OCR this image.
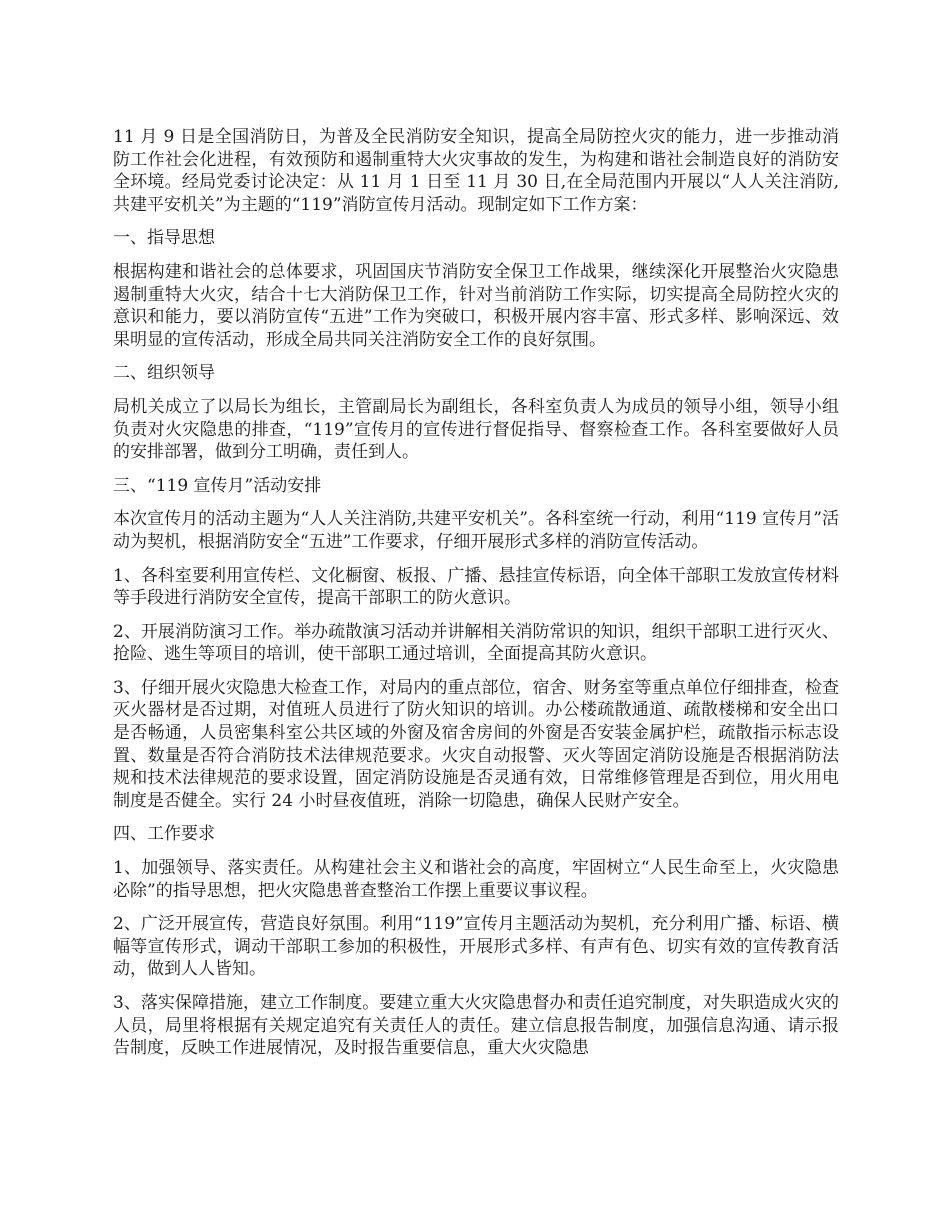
11 月 9 日是全国消防日，为普及全民消防安全知识，提高全局防控火灾的能力，进一步推动消防工作社会化进程，有效预防和遏制重特大火灾事故的发生，为构建和谐社会制造良好的消防安全环境。经局党委讨论决定：从 11 月 1 日至 11 月 30 日,在全局范围内开展以“人人关注消防,共建平安机关”为主题的“119”消防宣传月活动。现制定如下工作方案：

一、指导思想

根据构建和谐社会的总体要求，巩固国庆节消防安全保卫工作战果，继续深化开展整治火灾隐患遏制重特大火灾，结合十七大消防保卫工作，针对当前消防工作实际，切实提高全局防控火灾的意识和能力，要以消防宣传“五进”工作为突破口，积极开展内容丰富、形式多样、影响深远、效果明显的宣传活动，形成全局共同关注消防安全工作的良好氛围。

二、组织领导

局机关成立了以局长为组长，主管副局长为副组长，各科室负责人为成员的领导小组，领导小组负责对火灾隐患的排查，“119”宣传月的宣传进行督促指导、督察检查工作。各科室要做好人员的安排部署，做到分工明确，责任到人。

三、“119 宣传月”活动安排

本次宣传月的活动主题为“人人关注消防,共建平安机关”。各科室统一行动，利用“119 宣传月”活动为契机，根据消防安全“五进”工作要求，仔细开展形式多样的消防宣传活动。

1、各科室要利用宣传栏、文化橱窗、板报、广播、悬挂宣传标语，向全体干部职工发放宣传材料等手段进行消防安全宣传，提高干部职工的防火意识。

2、开展消防演习工作。举办疏散演习活动并讲解相关消防常识的知识，组织干部职工进行灭火、抢险、逃生等项目的培训，使干部职工通过培训，全面提高其防火意识。

3、仔细开展火灾隐患大检查工作，对局内的重点部位，宿舍、财务室等重点单位仔细排查，检查灭火器材是否过期，对值班人员进行了防火知识的培训。办公楼疏散通道、疏散楼梯和安全出口是否畅通，人员密集科室公共区域的外窗及宿舍房间的外窗是否安装金属护栏，疏散指示标志设置、数量是否符合消防技术法律规范要求。火灾自动报警、灭火等固定消防设施是否根据消防法规和技术法律规范的要求设置，固定消防设施是否灵通有效，日常维修管理是否到位，用火用电制度是否健全。实行 24 小时昼夜值班，消除一切隐患，确保人民财产安全。

四、工作要求

1、加强领导、落实责任。从构建社会主义和谐社会的高度，牢固树立“人民生命至上，火灾隐患必除”的指导思想，把火灾隐患普查整治工作摆上重要议事议程。

2、广泛开展宣传，营造良好氛围。利用“119”宣传月主题活动为契机，充分利用广播、标语、横幅等宣传形式，调动干部职工参加的积极性，开展形式多样、有声有色、切实有效的宣传教育活动，做到人人皆知。

3、落实保障措施，建立工作制度。要建立重大火灾隐患督办和责任追究制度，对失职造成火灾的人员，局里将根据有关规定追究有关责任人的责任。建立信息报告制度，加强信息沟通、请示报告制度，反映工作进展情况，及时报告重要信息，重大火灾隐患
